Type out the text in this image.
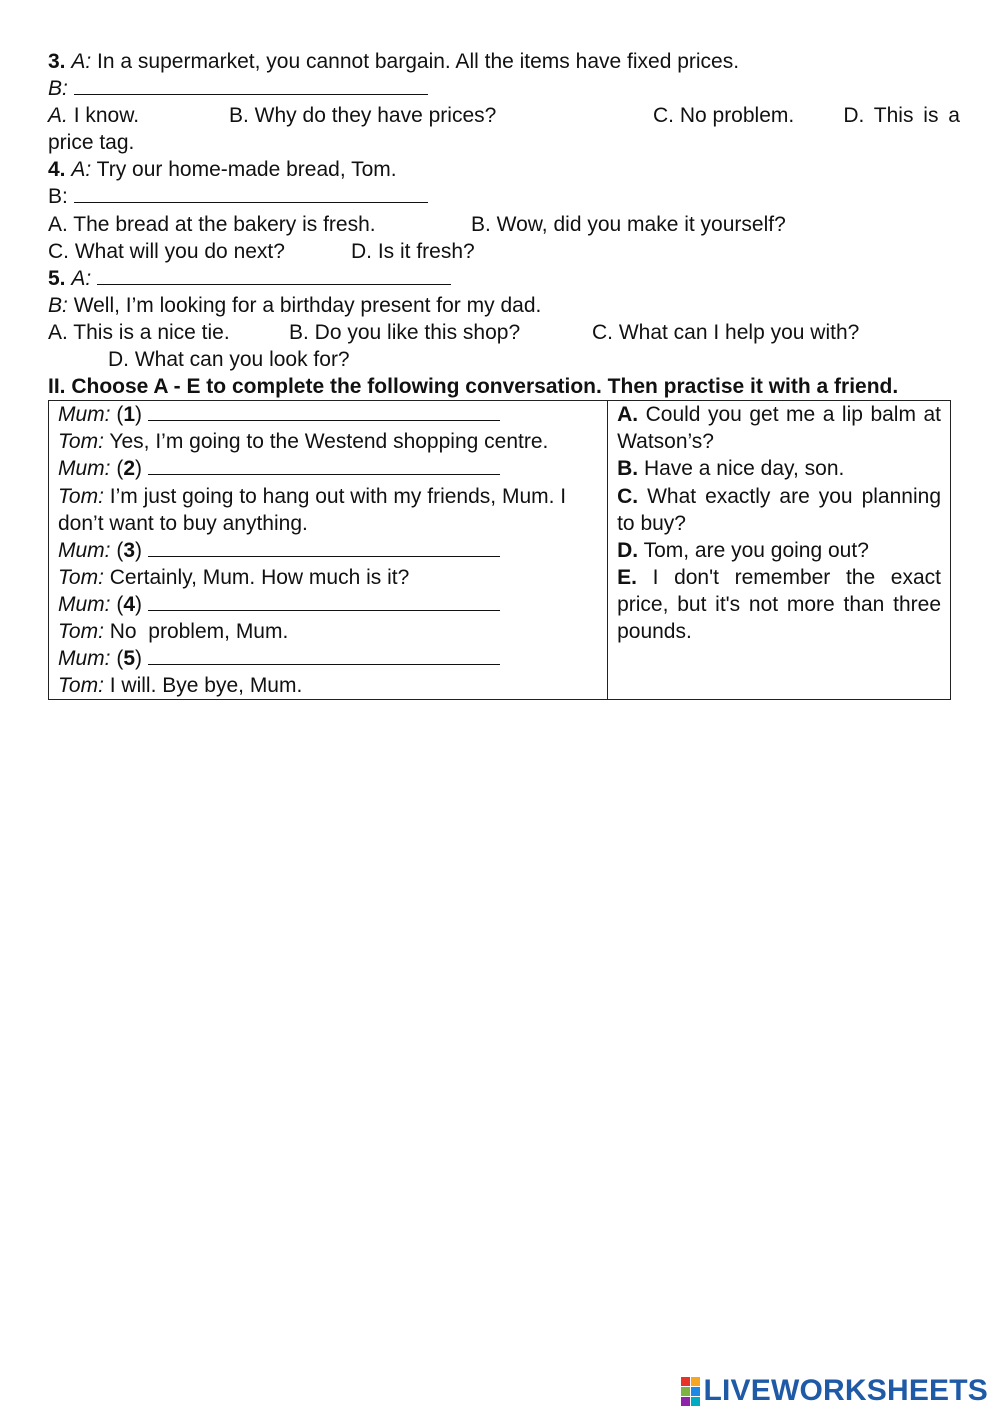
3. A: In a supermarket, you cannot bargain. All the items have fixed prices.
B:
A. I know.	B. Why do they have prices?	C. No problem. D. This is a
price tag.
4. A: Try our home-made bread, Tom.
B:
A. The bread at the bakery is fresh.	B. Wow, did you make it yourself?
C. What will you do next?	D. Is it fresh?
5. A:
B: Well, I’m looking for a birthday present for my dad.
A. This is a nice tie.	B. Do you like this shop?	C. What can I help you with?
D. What can you look for?
II. Choose A - E to complete the following conversation. Then practise it with a friend.
Mum: (1)
Tom: Yes, I’m going to the Westend shopping centre.
Mum: (2)
Tom: I’m just going to hang out with my friends, Mum. I don’t want to buy anything.
Mum: (3)
Tom: Certainly, Mum. How much is it?
Mum: (4)
Tom: No  problem, Mum.
Mum: (5)
Tom: I will. Bye bye, Mum.

A. Could you get me a lip balm at Watson’s?
B. Have a nice day, son.
C. What exactly are you planning to buy?
D. Tom, are you going out?
E. I don't remember the exact price, but it's not more than three pounds.
LIVEWORKSHEETS
